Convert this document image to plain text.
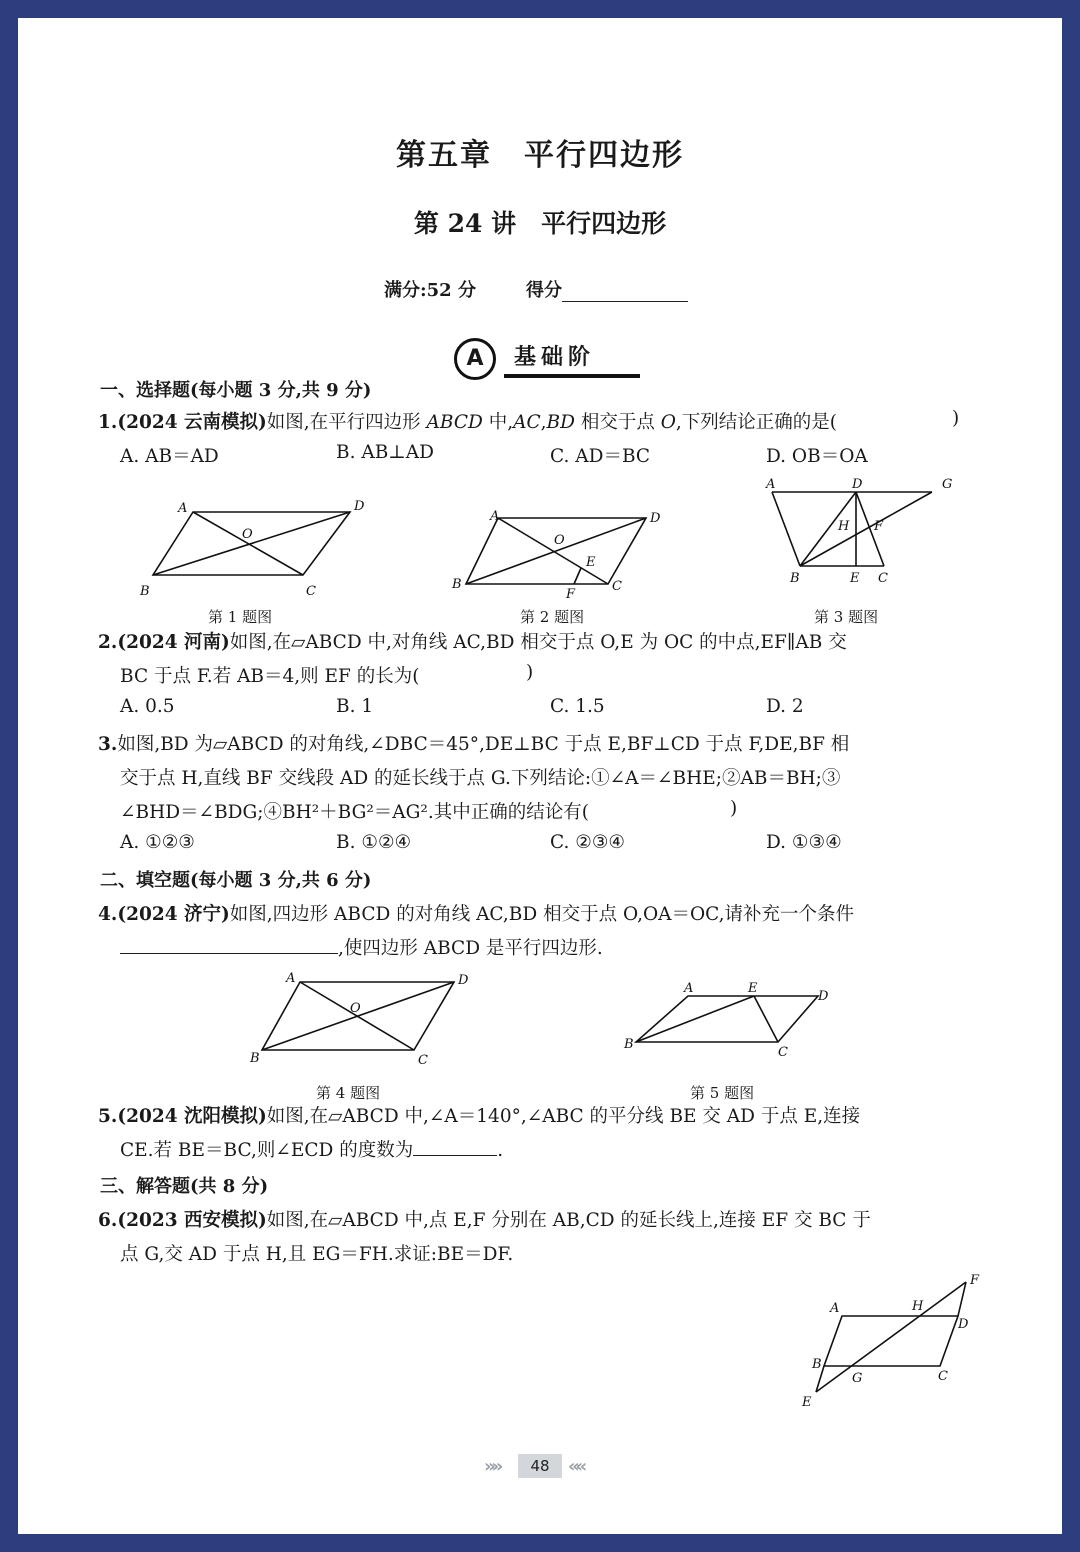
第五章　平行四边形
第 24 讲　平行四边形
满分:52 分	得分
A	基础阶
一、选择题(每小题 3 分,共 9 分)
1.(2024 云南模拟)如图,在平行四边形 ABCD 中,AC,BD 相交于点 O,下列结论正确的是(	)
A. AB＝AD	B. AB⊥AD	C. AD＝BC	D. OB＝OA
A	D
B	C
O
第 1 题图
A	D
B	C
O
E
F
第 2 题图
A	D	G
H F
B	E C
第 3 题图
2.(2024 河南)如图,在▱ABCD 中,对角线 AC,BD 相交于点 O,E 为 OC 的中点,EF∥AB 交
BC 于点 F.若 AB＝4,则 EF 的长为(	)
A. 0.5	B. 1	C. 1.5	D. 2
3.如图,BD 为▱ABCD 的对角线,∠DBC＝45°,DE⊥BC 于点 E,BF⊥CD 于点 F,DE,BF 相
交于点 H,直线 BF 交线段 AD 的延长线于点 G.下列结论:①∠A＝∠BHE;②AB＝BH;③
∠BHD＝∠BDG;④BH²＋BG²＝AG².其中正确的结论有(	)
A. ①②③	B. ①②④	C. ②③④	D. ①③④
二、填空题(每小题 3 分,共 6 分)
4.(2024 济宁)如图,四边形 ABCD 的对角线 AC,BD 相交于点 O,OA＝OC,请补充一个条件
,使四边形 ABCD 是平行四边形.
A	D
B	C
O
第 4 题图
A	E
D
B
C
第 5 题图
5.(2024 沈阳模拟)如图,在▱ABCD 中,∠A＝140°,∠ABC 的平分线 BE 交 AD 于点 E,连接
CE.若 BE＝BC,则∠ECD 的度数为	.
三、解答题(共 8 分)
6.(2023 西安模拟)如图,在▱ABCD 中,点 E,F 分别在 AB,CD 的延长线上,连接 EF 交 BC 于
点 G,交 AD 于点 H,且 EG＝FH.求证:BE＝DF.
A	H
F
D
B
G	C
E
»»	48	««
